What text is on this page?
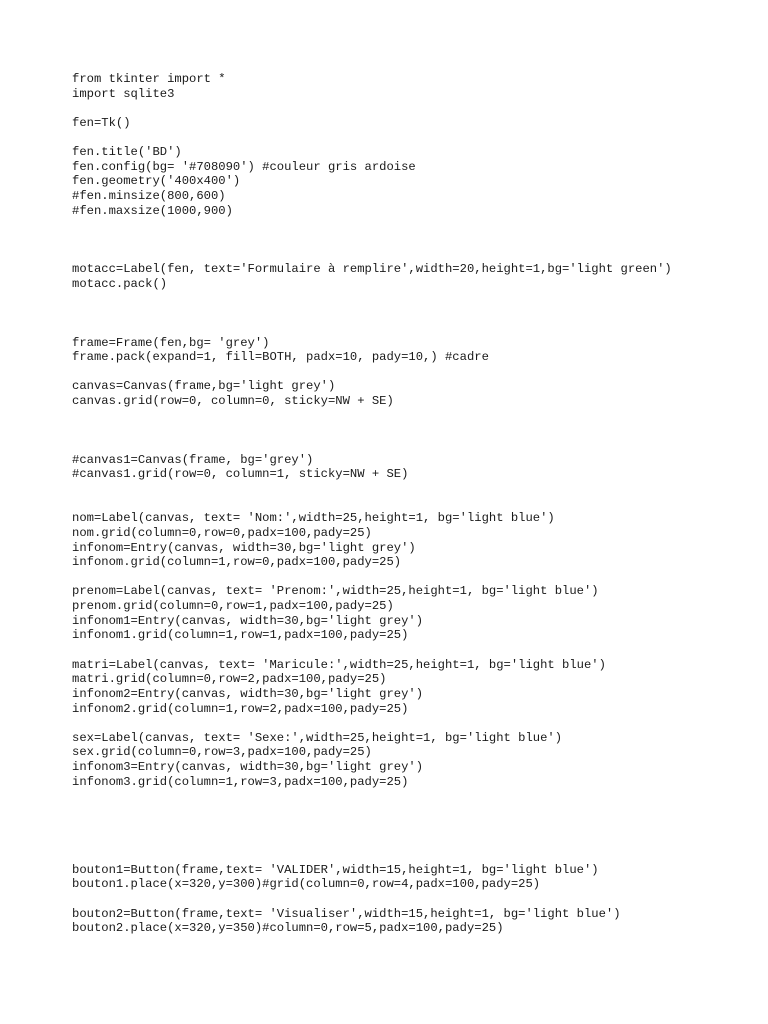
from tkinter import *
import sqlite3
fen=Tk()
fen.title('BD')
fen.config(bg= '#708090') #couleur gris ardoise
fen.geometry('400x400')
#fen.minsize(800,600)
#fen.maxsize(1000,900)
motacc=Label(fen, text='Formulaire à remplire',width=20,height=1,bg='light green')
motacc.pack()
frame=Frame(fen,bg= 'grey')
frame.pack(expand=1, fill=BOTH, padx=10, pady=10,) #cadre
canvas=Canvas(frame,bg='light grey')
canvas.grid(row=0, column=0, sticky=NW + SE)
#canvas1=Canvas(frame, bg='grey')
#canvas1.grid(row=0, column=1, sticky=NW + SE)
nom=Label(canvas, text= 'Nom:',width=25,height=1, bg='light blue')
nom.grid(column=0,row=0,padx=100,pady=25)
infonom=Entry(canvas, width=30,bg='light grey')
infonom.grid(column=1,row=0,padx=100,pady=25)
prenom=Label(canvas, text= 'Prenom:',width=25,height=1, bg='light blue')
prenom.grid(column=0,row=1,padx=100,pady=25)
infonom1=Entry(canvas, width=30,bg='light grey')
infonom1.grid(column=1,row=1,padx=100,pady=25)
matri=Label(canvas, text= 'Maricule:',width=25,height=1, bg='light blue')
matri.grid(column=0,row=2,padx=100,pady=25)
infonom2=Entry(canvas, width=30,bg='light grey')
infonom2.grid(column=1,row=2,padx=100,pady=25)
sex=Label(canvas, text= 'Sexe:',width=25,height=1, bg='light blue')
sex.grid(column=0,row=3,padx=100,pady=25)
infonom3=Entry(canvas, width=30,bg='light grey')
infonom3.grid(column=1,row=3,padx=100,pady=25)
bouton1=Button(frame,text= 'VALIDER',width=15,height=1, bg='light blue')
bouton1.place(x=320,y=300)#grid(column=0,row=4,padx=100,pady=25)
bouton2=Button(frame,text= 'Visualiser',width=15,height=1, bg='light blue')
bouton2.place(x=320,y=350)#column=0,row=5,padx=100,pady=25)
